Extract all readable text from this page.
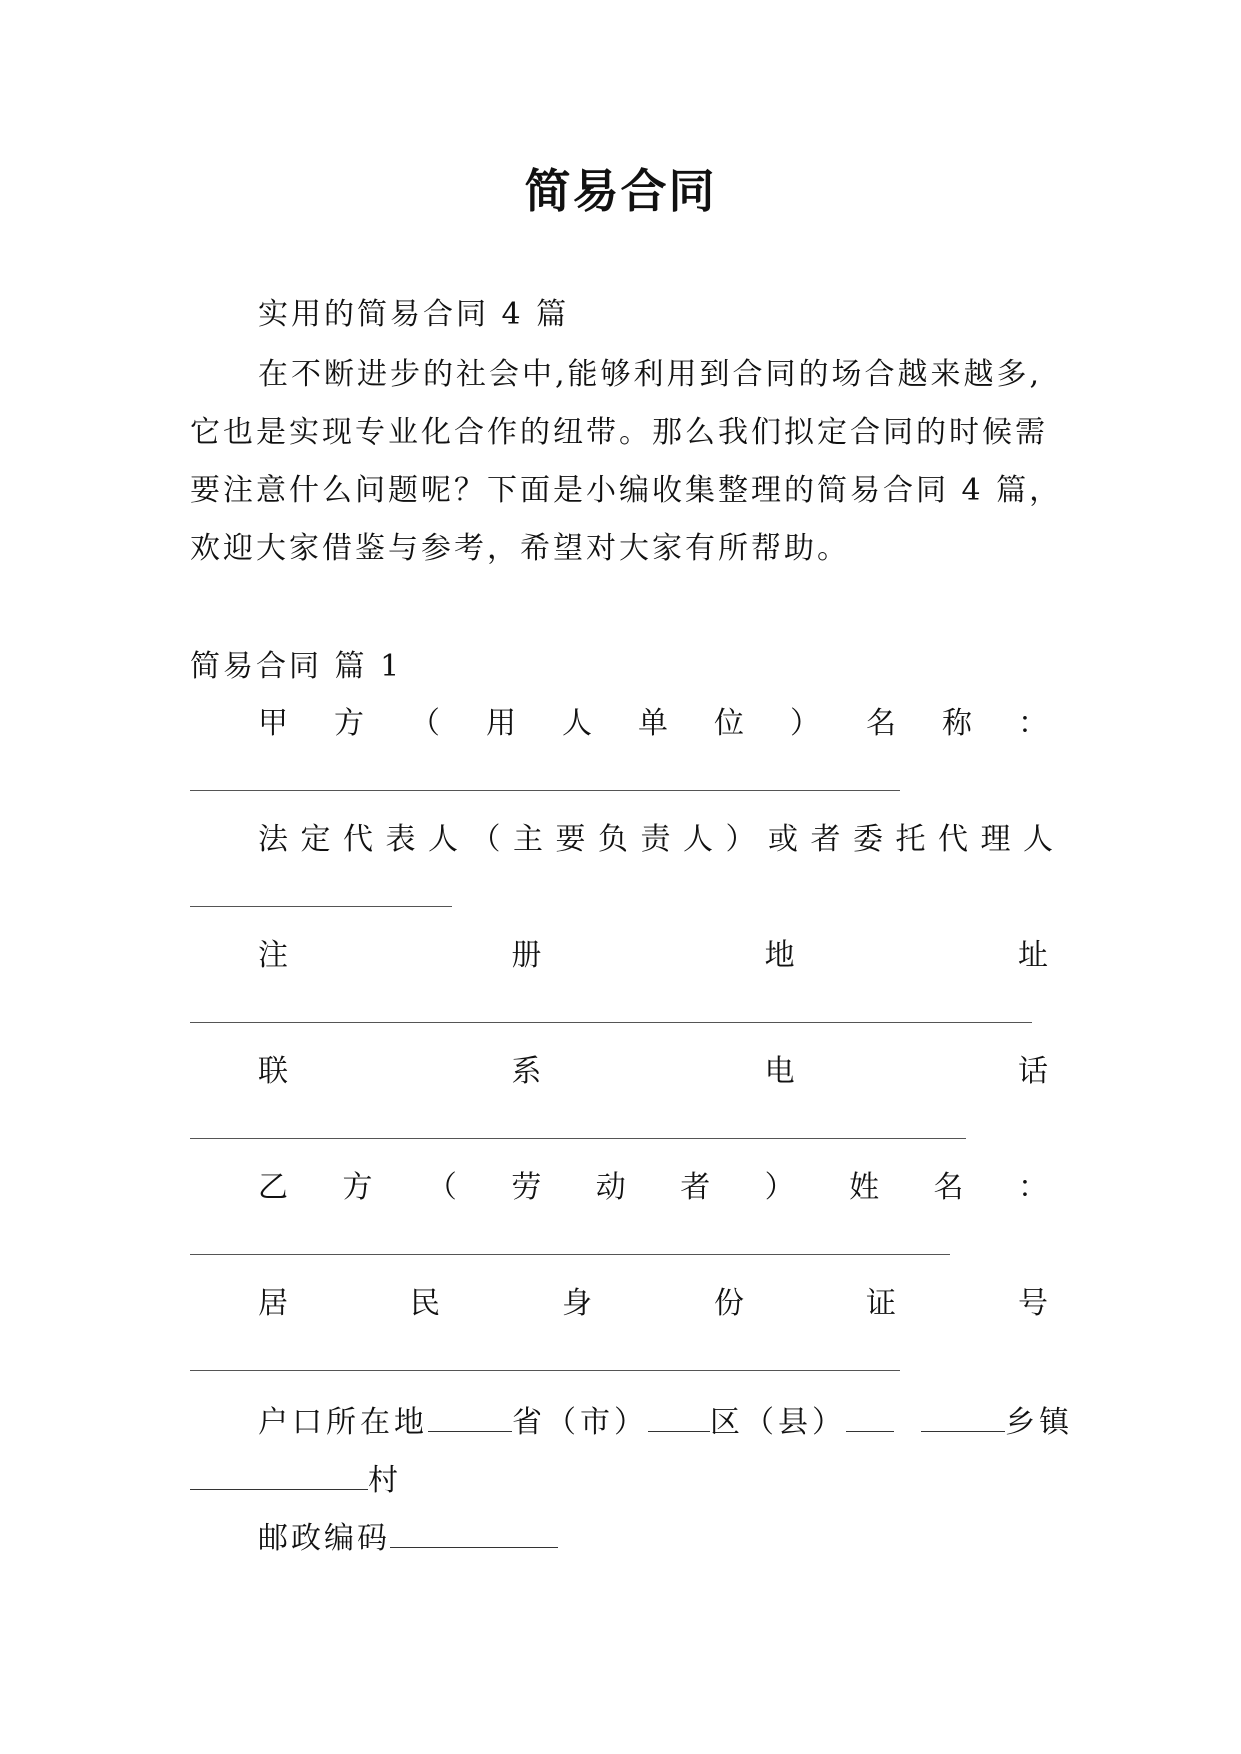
简易合同
实用的简易合同 4 篇
在不断进步的社会中,能够利用到合同的场合越来越多,
它也是实现专业化合作的纽带。那么我们拟定合同的时候需
要注意什么问题呢？下面是小编收集整理的简易合同 4 篇，
欢迎大家借鉴与参考，希望对大家有所帮助。
简易合同 篇 1
甲 方 （ 用 人 单 位 ） 名 称 ：
法定代表人（主要负责人）或者委托代理人
注	册	地	址
联	系	电	话
乙 方 （ 劳 动 者 ） 姓 名 ：
居	民	身	份	证	号
户口所在地	省（市） 区（县）	乡镇
村
邮政编码
